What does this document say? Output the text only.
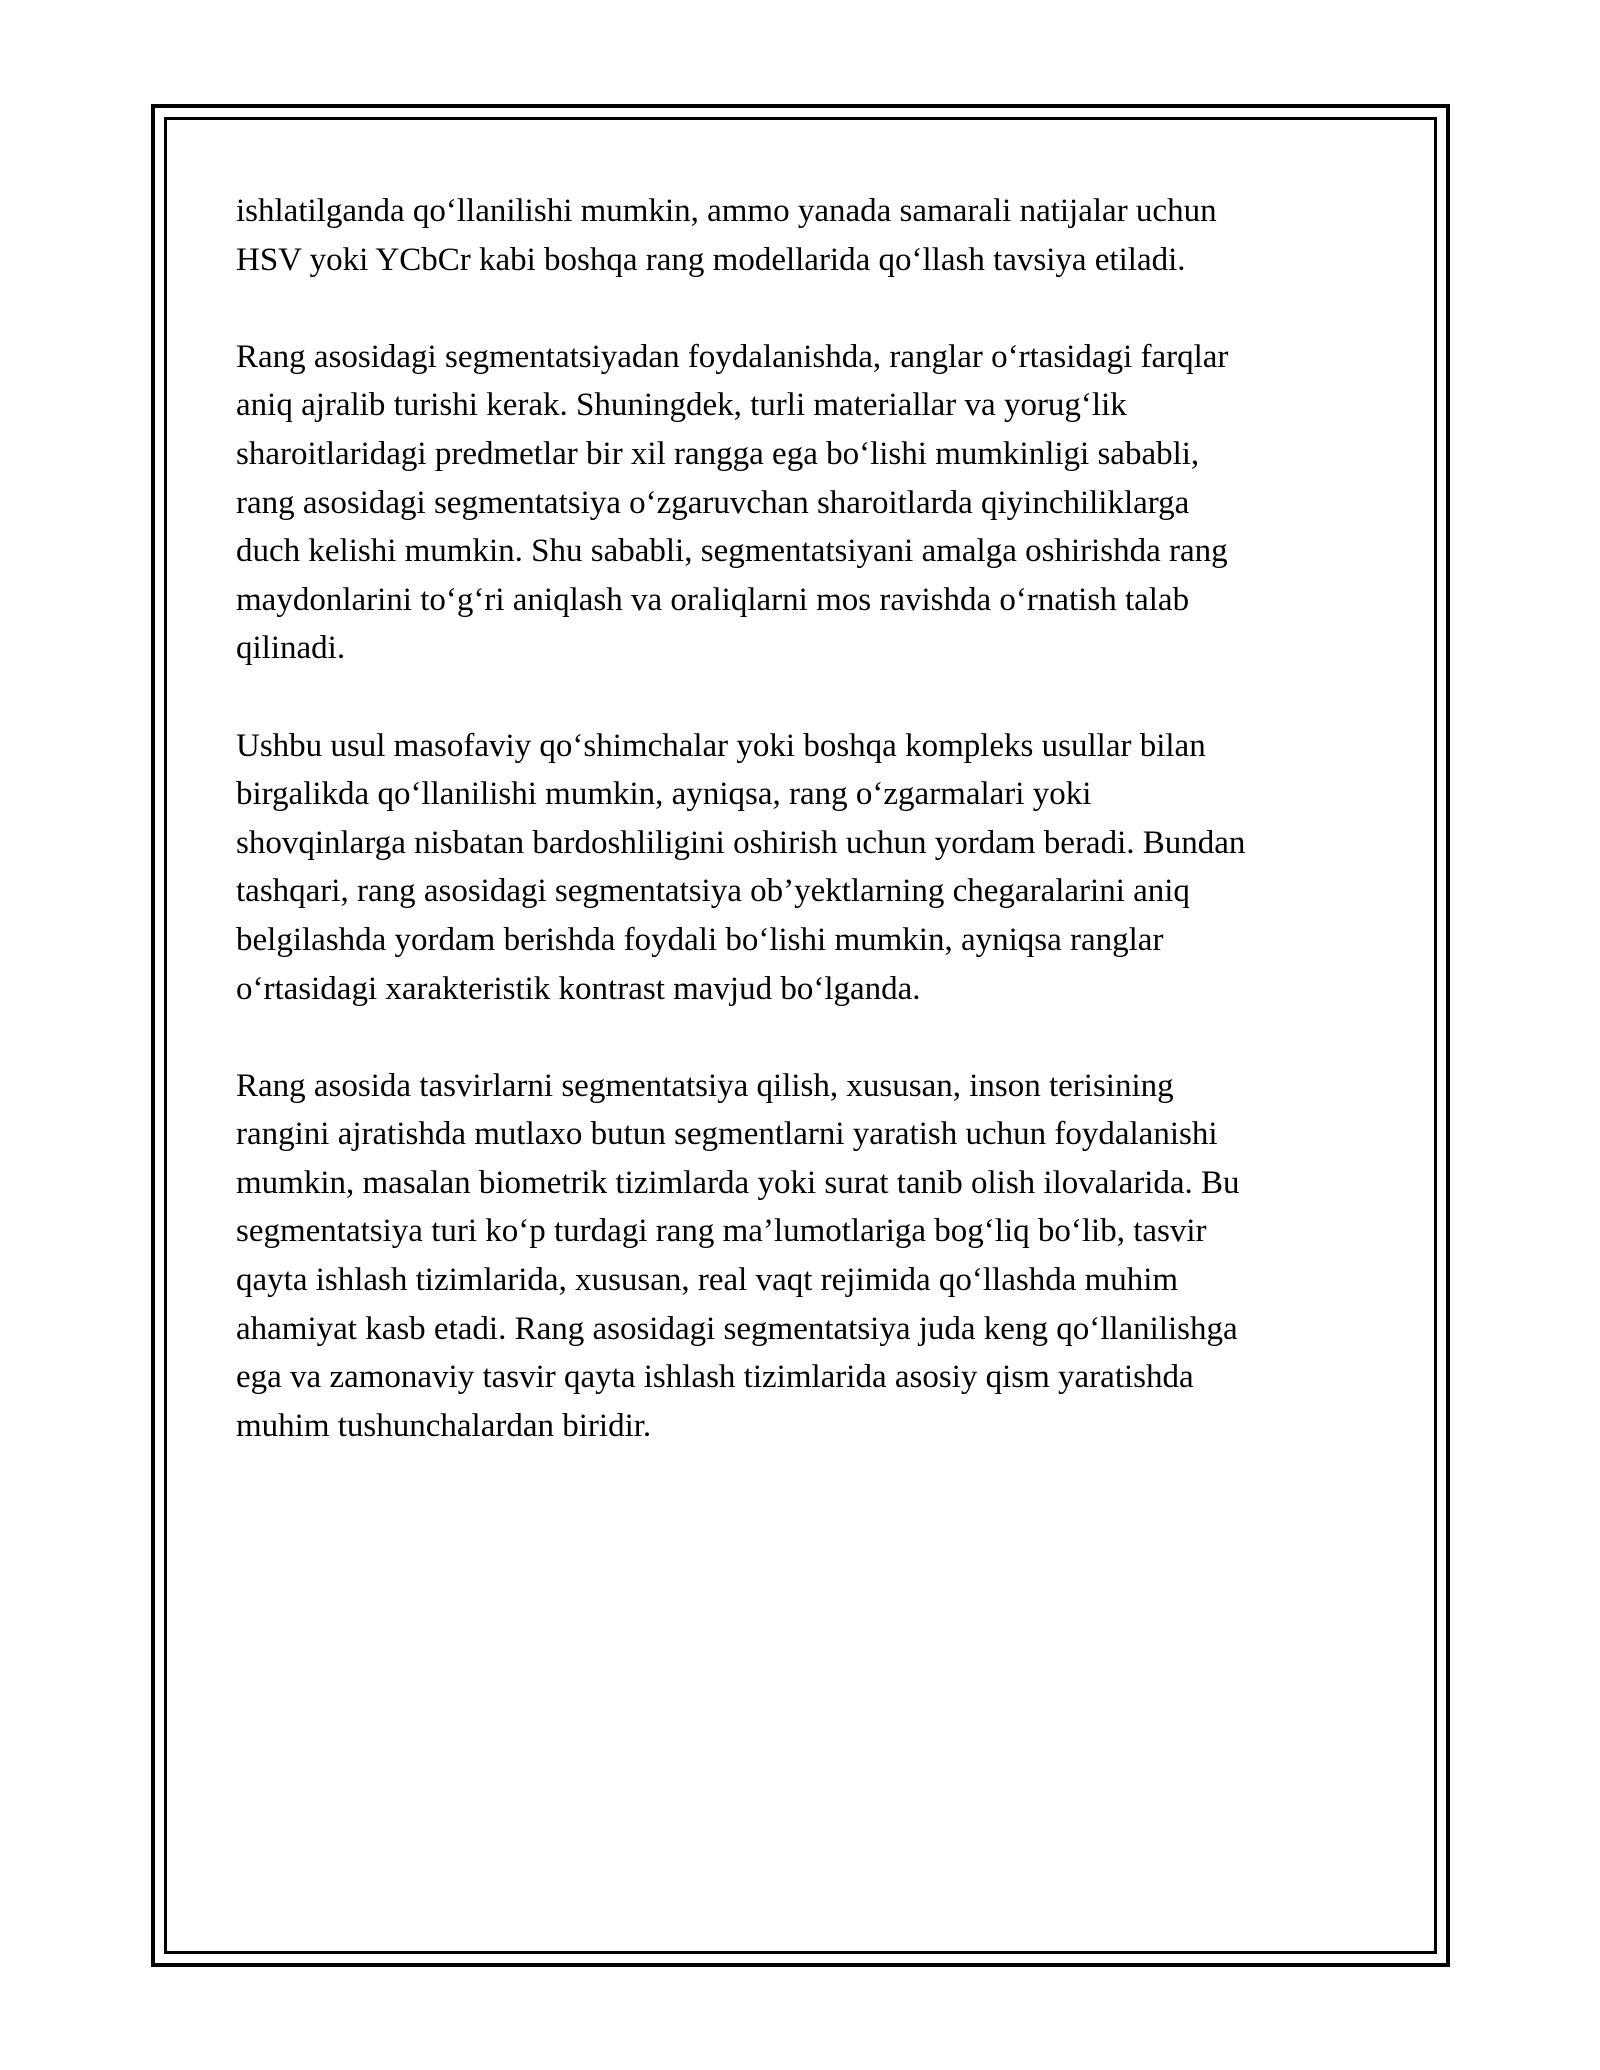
ishlatilganda qo‘llanilishi mumkin, ammo yanada samarali natijalar uchun
HSV yoki YCbCr kabi boshqa rang modellarida qo‘llash tavsiya etiladi.
Rang asosidagi segmentatsiyadan foydalanishda, ranglar o‘rtasidagi farqlar
aniq ajralib turishi kerak. Shuningdek, turli materiallar va yorug‘lik
sharoitlaridagi predmetlar bir xil rangga ega bo‘lishi mumkinligi sababli,
rang asosidagi segmentatsiya o‘zgaruvchan sharoitlarda qiyinchiliklarga
duch kelishi mumkin. Shu sababli, segmentatsiyani amalga oshirishda rang
maydonlarini to‘g‘ri aniqlash va oraliqlarni mos ravishda o‘rnatish talab
qilinadi.
Ushbu usul masofaviy qo‘shimchalar yoki boshqa kompleks usullar bilan
birgalikda qo‘llanilishi mumkin, ayniqsa, rang o‘zgarmalari yoki
shovqinlarga nisbatan bardoshliligini oshirish uchun yordam beradi. Bundan
tashqari, rang asosidagi segmentatsiya ob’yektlarning chegaralarini aniq
belgilashda yordam berishda foydali bo‘lishi mumkin, ayniqsa ranglar
o‘rtasidagi xarakteristik kontrast mavjud bo‘lganda.
Rang asosida tasvirlarni segmentatsiya qilish, xususan, inson terisining
rangini ajratishda mutlaxo butun segmentlarni yaratish uchun foydalanishi
mumkin, masalan biometrik tizimlarda yoki surat tanib olish ilovalarida. Bu
segmentatsiya turi ko‘p turdagi rang ma’lumotlariga bog‘liq bo‘lib, tasvir
qayta ishlash tizimlarida, xususan, real vaqt rejimida qo‘llashda muhim
ahamiyat kasb etadi. Rang asosidagi segmentatsiya juda keng qo‘llanilishga
ega va zamonaviy tasvir qayta ishlash tizimlarida asosiy qism yaratishda
muhim tushunchalardan biridir.
